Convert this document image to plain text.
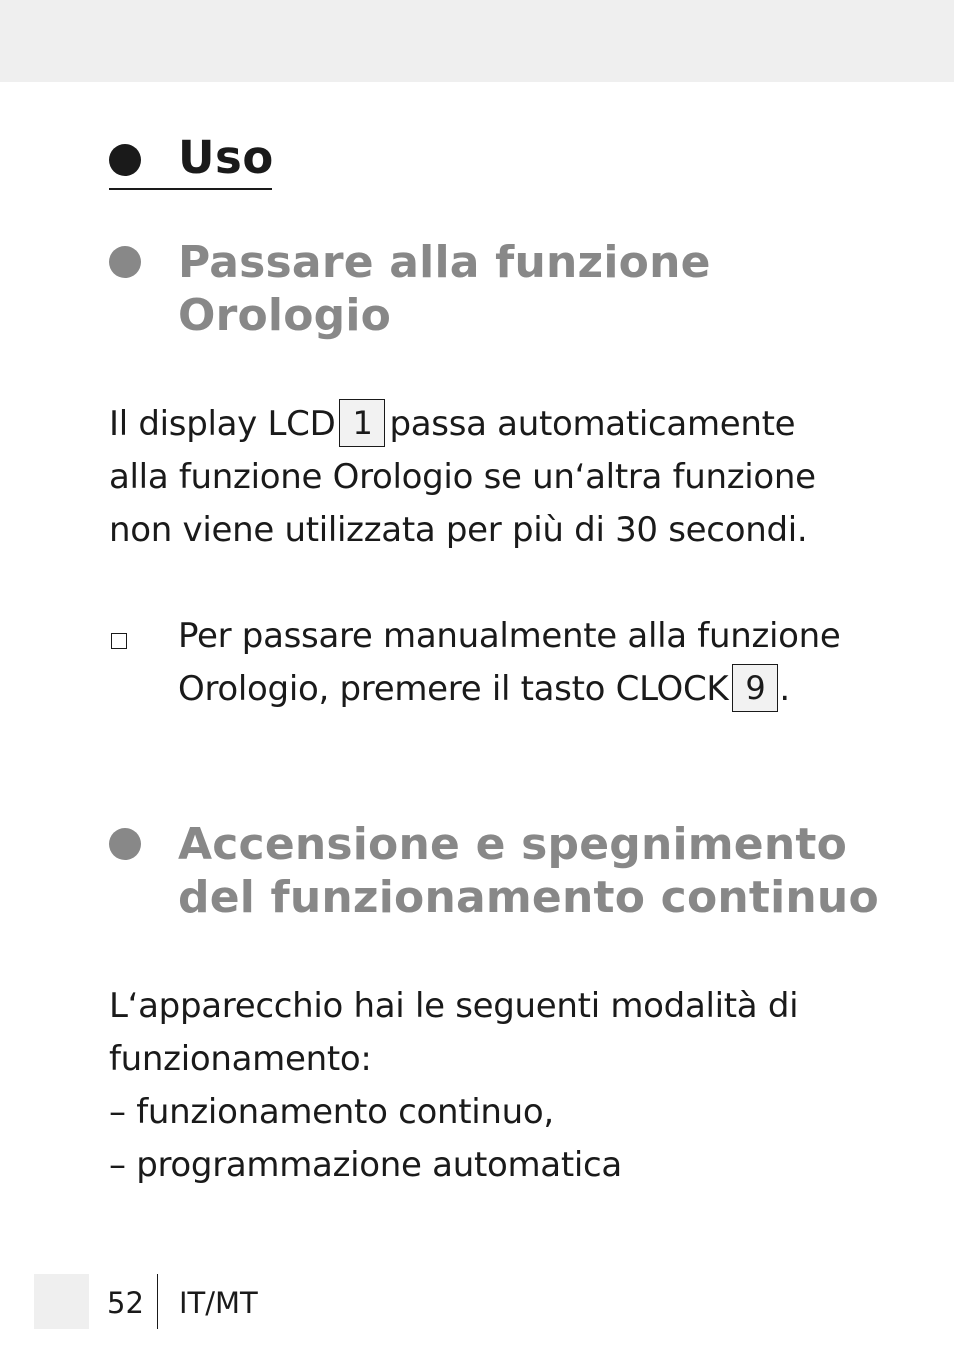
Uso
Passare alla funzione
Orologio
Il display LCD 1 passa automaticamente
alla funzione Orologio se un‘altra funzione
non viene utilizzata per più di 30 secondi.
Per passare manualmente alla funzione
Orologio, premere il tasto CLOCK 9 .
Accensione e spegnimento
del funzionamento continuo
L‘apparecchio hai le seguenti modalità di
funzionamento:
– funzionamento continuo,
– programmazione automatica
52 IT/MT
